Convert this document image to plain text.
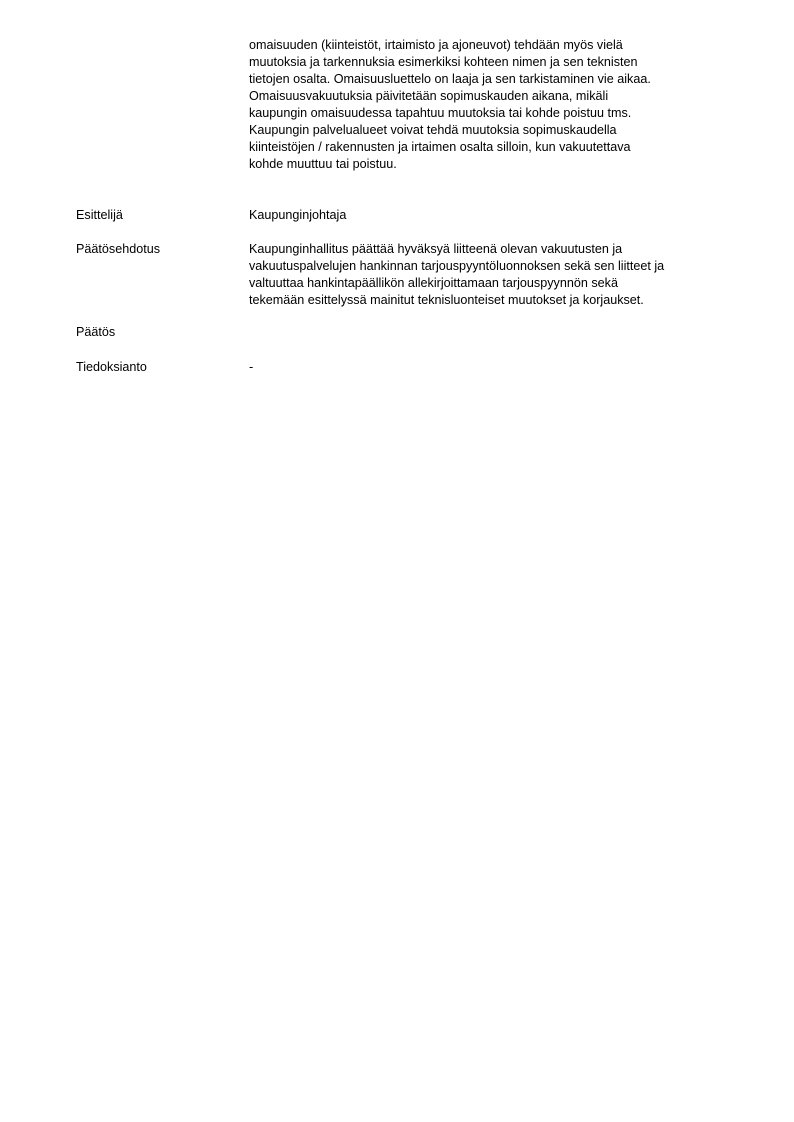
omaisuuden (kiinteistöt, irtaimisto ja ajoneuvot) tehdään myös vielä
muutoksia ja tarkennuksia esimerkiksi kohteen nimen ja sen teknisten
tietojen osalta. Omaisuusluettelo on laaja ja sen tarkistaminen vie aikaa.
Omaisuusvakuutuksia päivitetään sopimuskauden aikana, mikäli
kaupungin omaisuudessa tapahtuu muutoksia tai kohde poistuu tms.
Kaupungin palvelualueet voivat tehdä muutoksia sopimuskaudella
kiinteistöjen / rakennusten ja irtaimen osalta silloin, kun vakuutettava
kohde muuttuu tai poistuu.
Esittelijä	Kaupunginjohtaja
Päätösehdotus	Kaupunginhallitus päättää hyväksyä liitteenä olevan vakuutusten ja
vakuutuspalvelujen hankinnan tarjouspyyntöluonnoksen sekä sen liitteet ja
valtuuttaa hankintapäällikön allekirjoittamaan tarjouspyynnön sekä
tekemään esittelyssä mainitut teknisluonteiset muutokset ja korjaukset.
Päätös
Tiedoksianto	-
